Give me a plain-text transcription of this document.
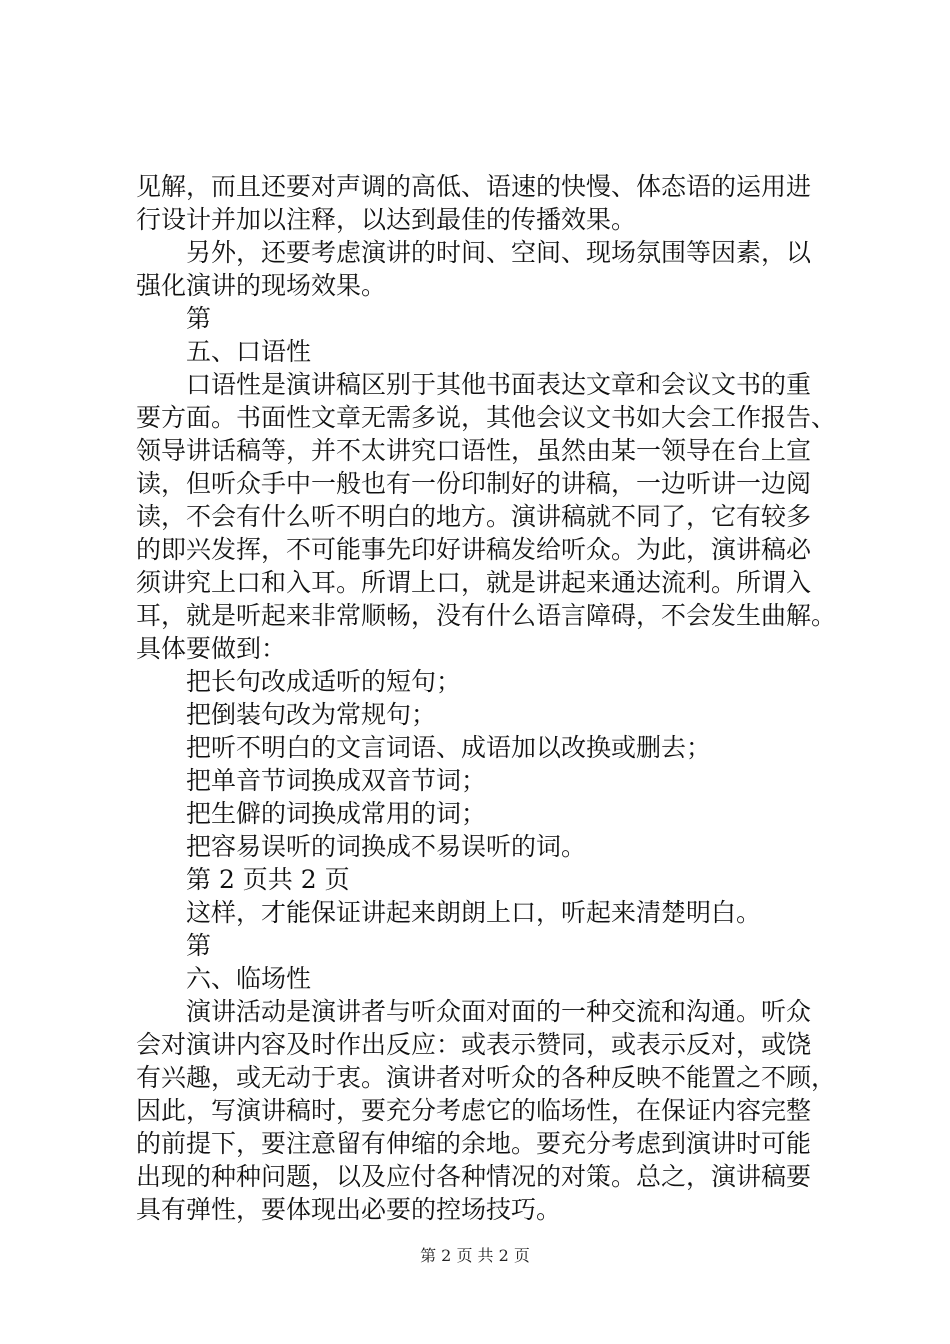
见解，而且还要对声调的高低、语速的快慢、体态语的运用进
行设计并加以注释，以达到最佳的传播效果。
另外，还要考虑演讲的时间、空间、现场氛围等因素，以
强化演讲的现场效果。
第
五、口语性
口语性是演讲稿区别于其他书面表达文章和会议文书的重
要方面。书面性文章无需多说，其他会议文书如大会工作报告、
领导讲话稿等，并不太讲究口语性，虽然由某一领导在台上宣
读，但听众手中一般也有一份印制好的讲稿，一边听讲一边阅
读，不会有什么听不明白的地方。演讲稿就不同了，它有较多
的即兴发挥，不可能事先印好讲稿发给听众。为此，演讲稿必
须讲究上口和入耳。所谓上口，就是讲起来通达流利。所谓入
耳，就是听起来非常顺畅，没有什么语言障碍，不会发生曲解。
具体要做到：
把长句改成适听的短句；
把倒装句改为常规句；
把听不明白的文言词语、成语加以改换或删去；
把单音节词换成双音节词；
把生僻的词换成常用的词；
把容易误听的词换成不易误听的词。
第 2 页共 2 页
这样，才能保证讲起来朗朗上口，听起来清楚明白。
第
六、临场性
演讲活动是演讲者与听众面对面的一种交流和沟通。听众
会对演讲内容及时作出反应：或表示赞同，或表示反对，或饶
有兴趣，或无动于衷。演讲者对听众的各种反映不能置之不顾，
因此，写演讲稿时，要充分考虑它的临场性，在保证内容完整
的前提下，要注意留有伸缩的余地。要充分考虑到演讲时可能
出现的种种问题，以及应付各种情况的对策。总之，演讲稿要
具有弹性，要体现出必要的控场技巧。
第 2 页 共 2 页
